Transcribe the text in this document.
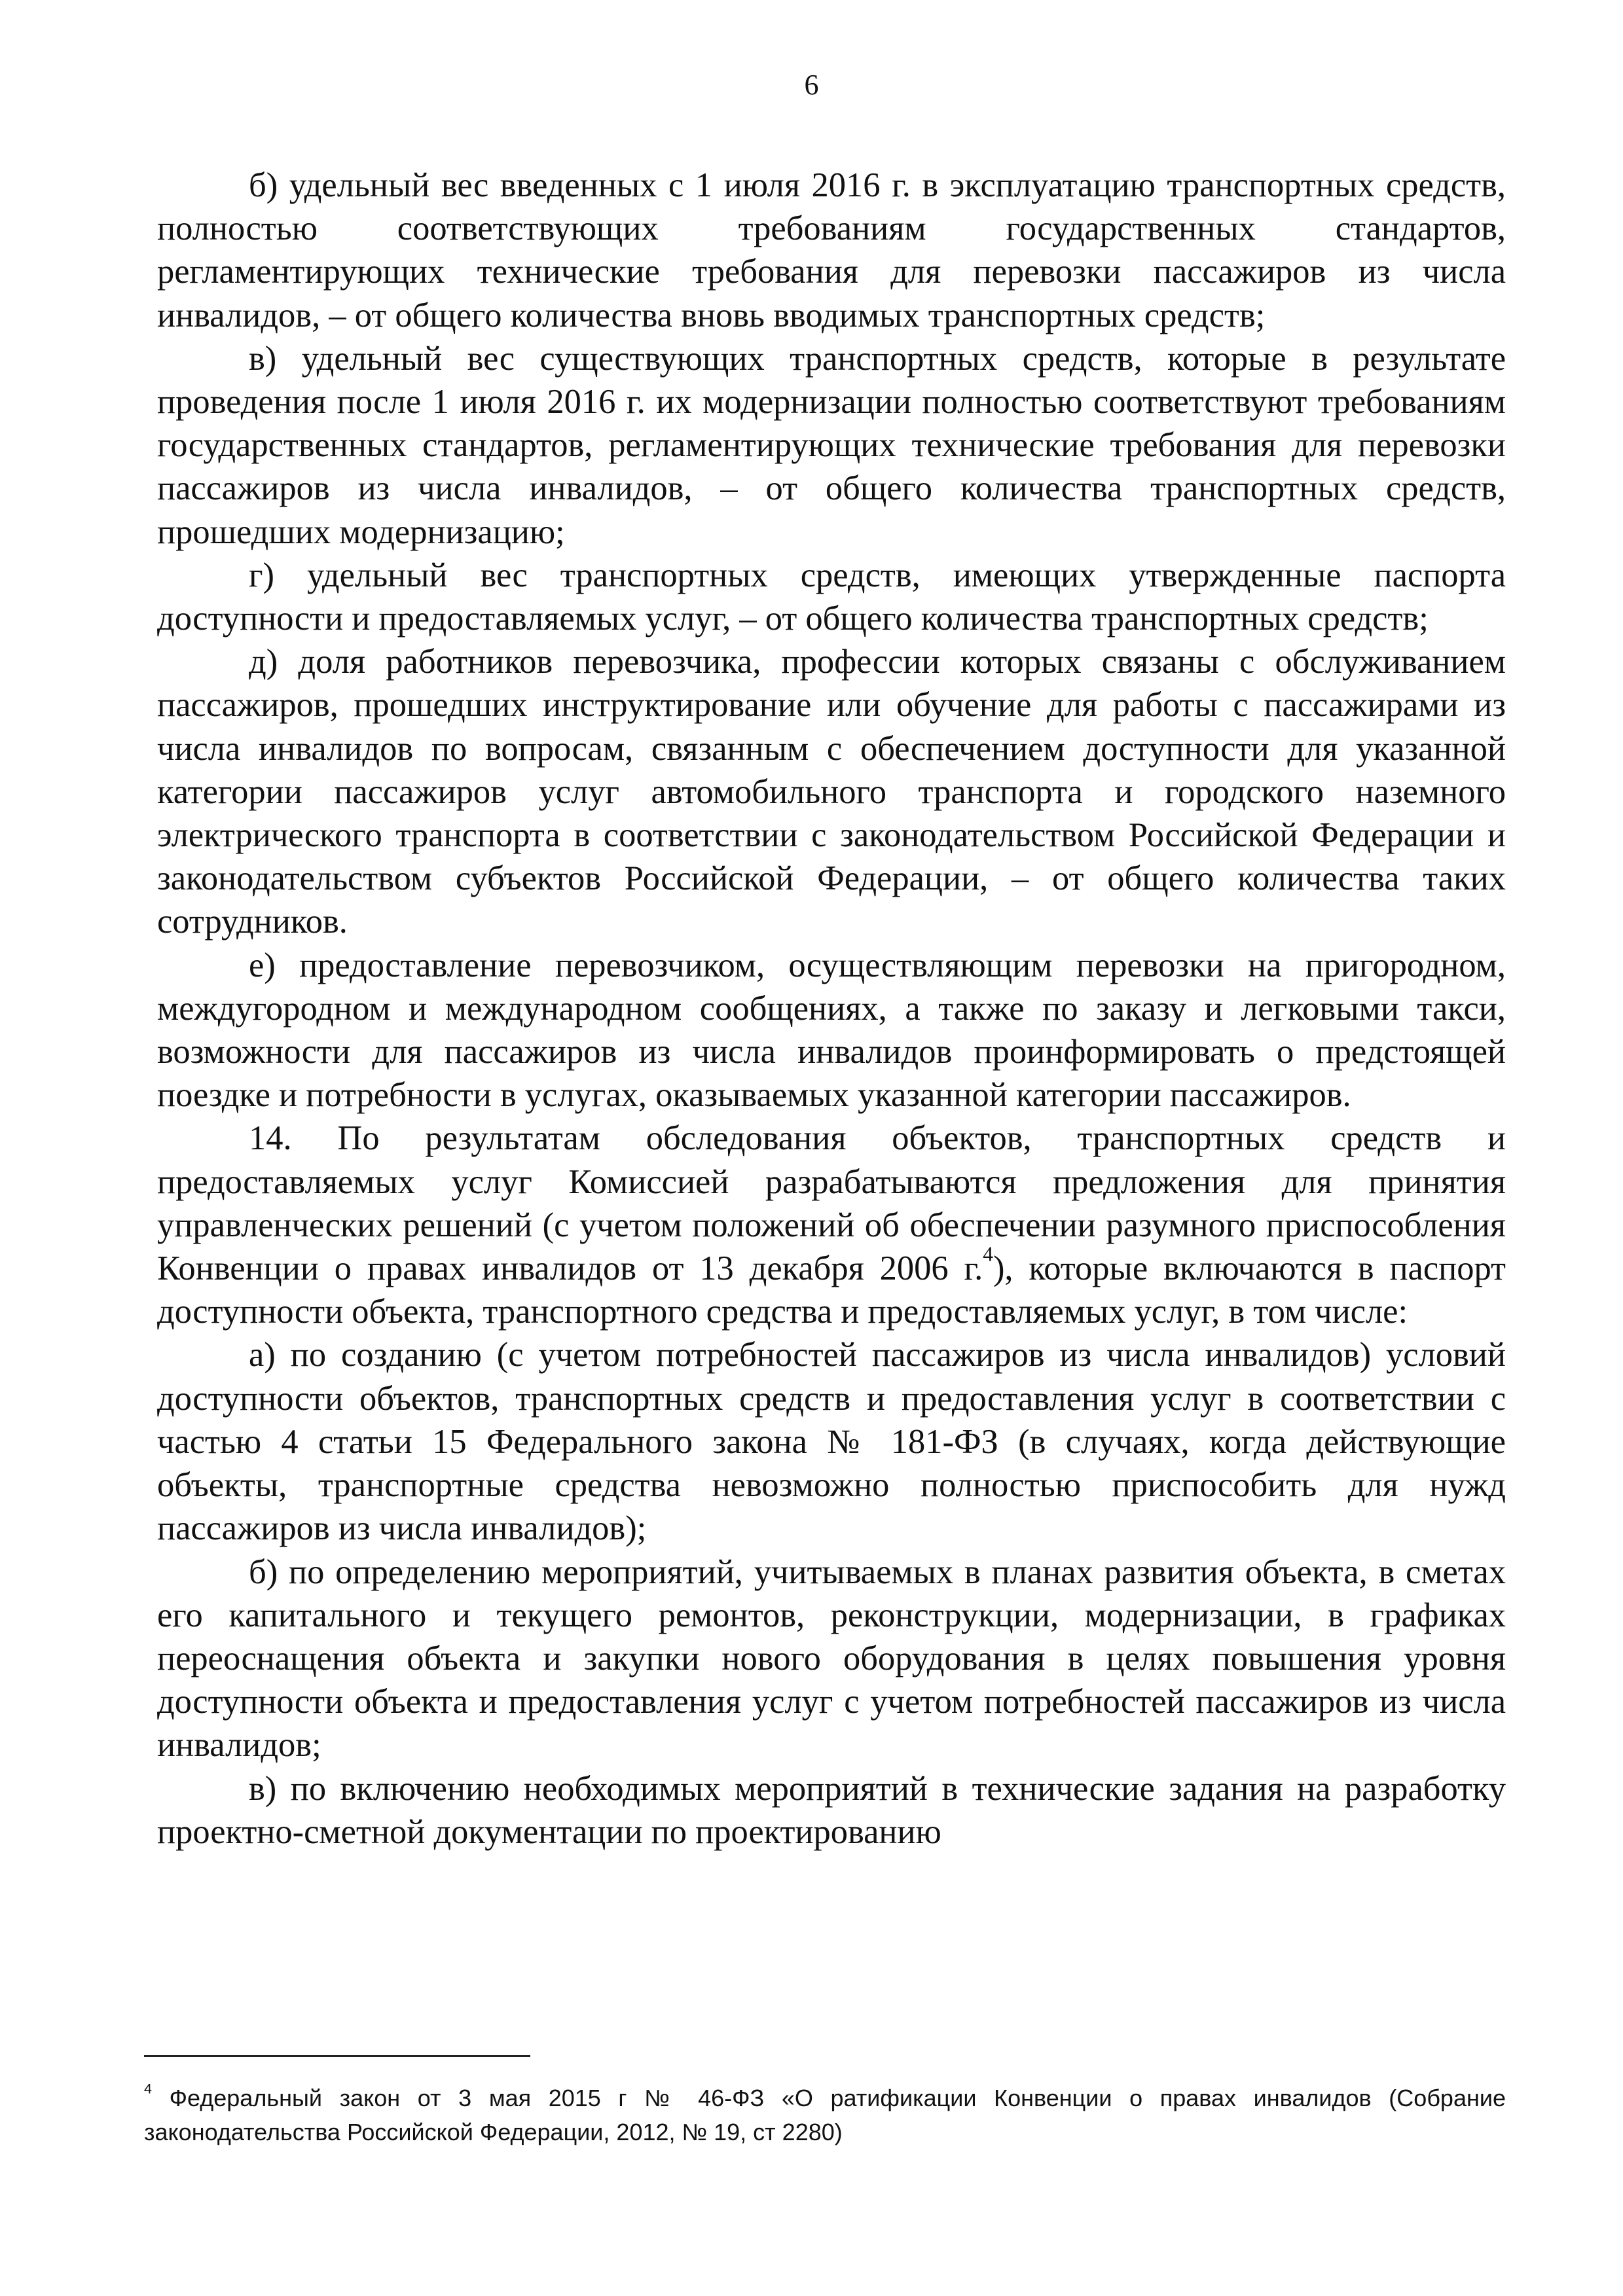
6

б) удельный вес введенных с 1 июля 2016 г. в эксплуатацию транспортных средств, полностью соответствующих требованиям государственных стандартов, регламентирующих технические требования для перевозки пассажиров из числа инвалидов, – от общего количества вновь вводимых транспортных средств;

в) удельный вес существующих транспортных средств, которые в результате проведения после 1 июля 2016 г. их модернизации полностью соответствуют требованиям государственных стандартов, регламентирующих технические требования для перевозки пассажиров из числа инвалидов, – от общего количества транспортных средств, прошедших модернизацию;

г) удельный вес транспортных средств, имеющих утвержденные паспорта доступности и предоставляемых услуг, – от общего количества транспортных средств;

д) доля работников перевозчика, профессии которых связаны с обслуживанием пассажиров, прошедших инструктирование или обучение для работы с пассажирами из числа инвалидов по вопросам, связанным с обеспечением доступности для указанной категории пассажиров услуг автомобильного транспорта и городского наземного электрического транспорта в соответствии с законодательством Российской Федерации и законодательством субъектов Российской Федерации, – от общего количества таких сотрудников.

е) предоставление перевозчиком, осуществляющим перевозки на пригородном, междугородном и международном сообщениях, а также по заказу и легковыми такси, возможности для пассажиров из числа инвалидов проинформировать о предстоящей поездке и потребности в услугах, оказываемых указанной категории пассажиров.

14. По результатам обследования объектов, транспортных средств и предоставляемых услуг Комиссией разрабатываются предложения для принятия управленческих решений (с учетом положений об обеспечении разумного приспособления Конвенции о правах инвалидов от 13 декабря 2006 г.$^4$), которые включаются в паспорт доступности объекта, транспортного средства и предоставляемых услуг, в том числе:

а) по созданию (с учетом потребностей пассажиров из числа инвалидов) условий доступности объектов, транспортных средств и предоставления услуг в соответствии с частью 4 статьи 15 Федерального закона № 181-ФЗ (в случаях, когда действующие объекты, транспортные средства невозможно полностью приспособить для нужд пассажиров из числа инвалидов);

б) по определению мероприятий, учитываемых в планах развития объекта, в сметах его капитального и текущего ремонтов, реконструкции, модернизации, в графиках переоснащения объекта и закупки нового оборудования в целях повышения уровня доступности объекта и предоставления услуг с учетом потребностей пассажиров из числа инвалидов;

в) по включению необходимых мероприятий в технические задания на разработку проектно-сметной документации по проектированию

$^4$ Федеральный закон от 3 мая 2015 г № 46-ФЗ «О ратификации Конвенции о правах инвалидов (Собрание законодательства Российской Федерации, 2012, № 19, ст 2280)
